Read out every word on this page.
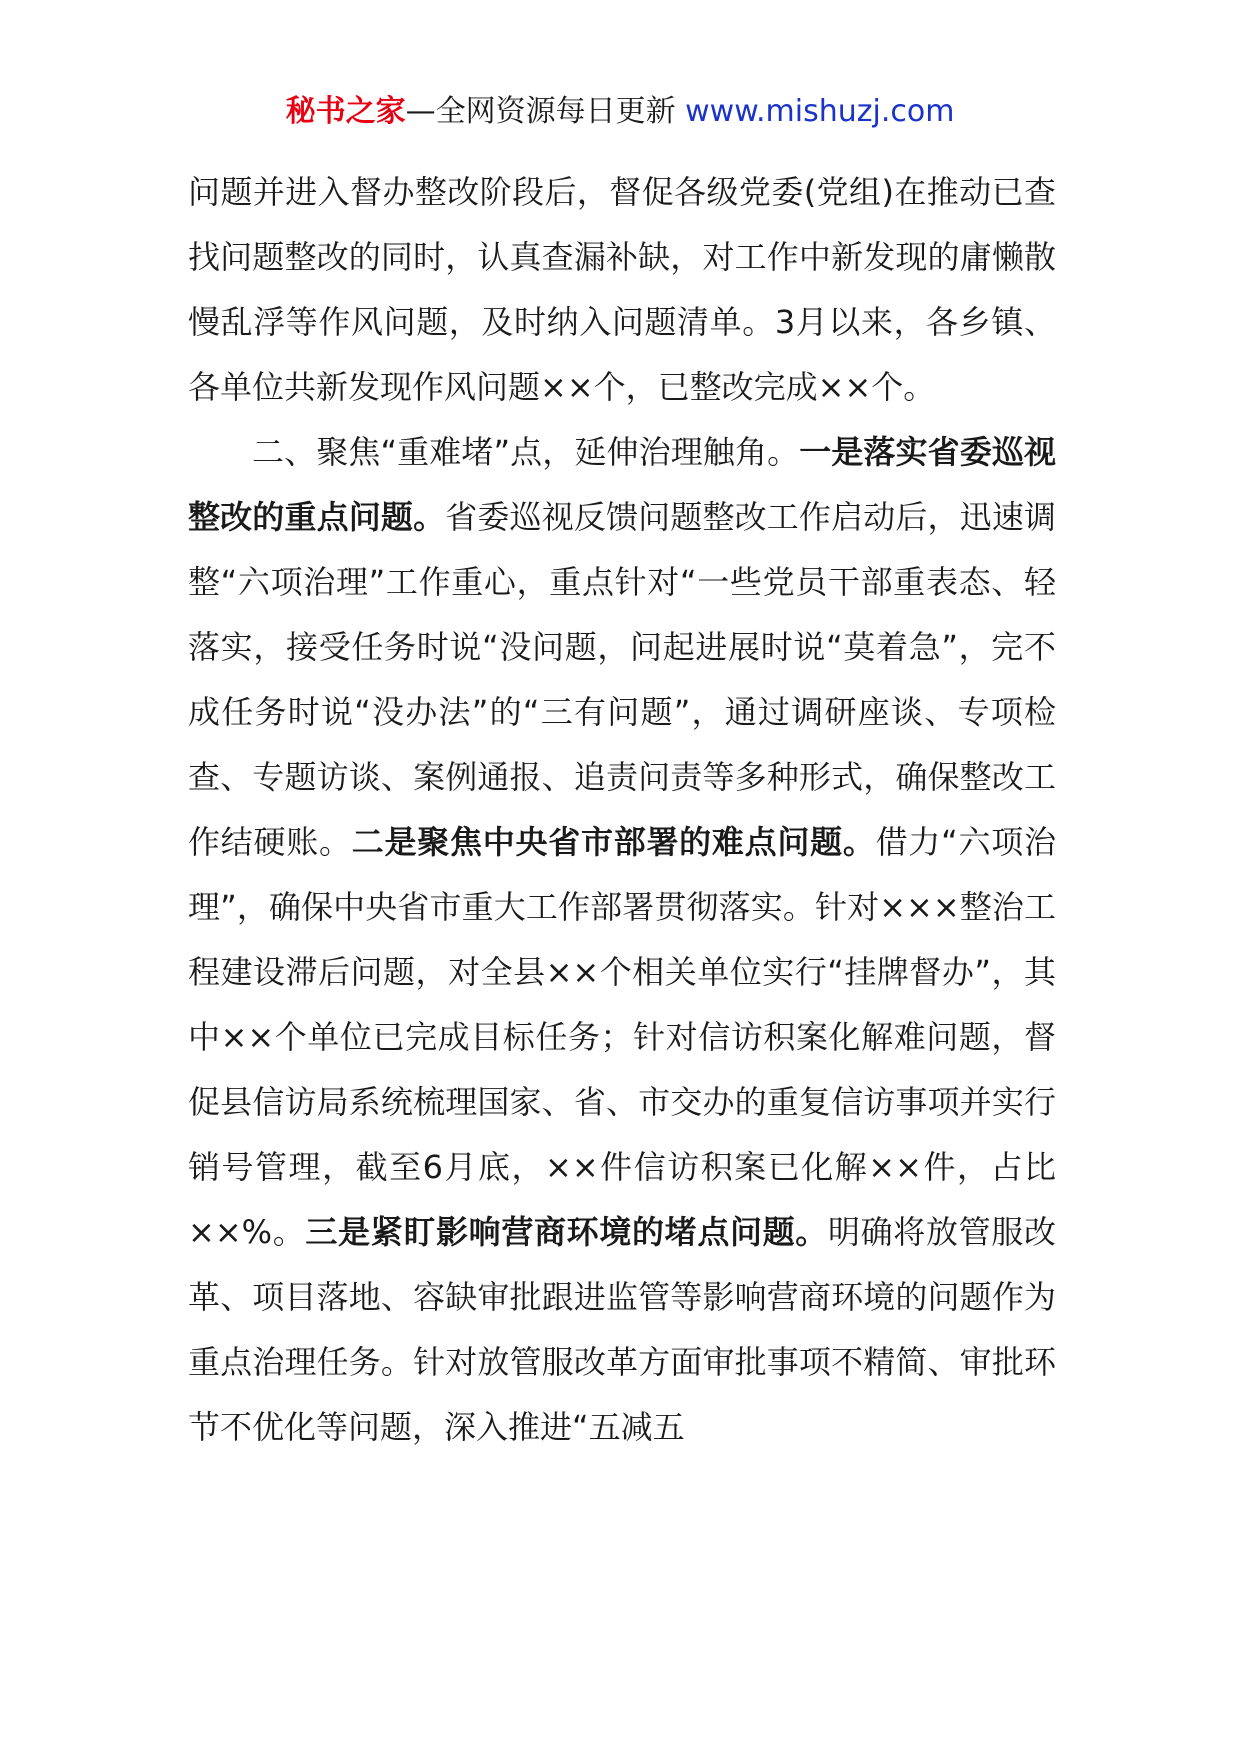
秘书之家—全网资源每日更新 www.mishuzj.com

问题并进入督办整改阶段后，督促各级党委(党组)在推动已查找问题整改的同时，认真查漏补缺，对工作中新发现的庸懒散慢乱浮等作风问题，及时纳入问题清单。3月以来，各乡镇、各单位共新发现作风问题××个，已整改完成××个。

二、聚焦“重难堵”点，延伸治理触角。一是落实省委巡视整改的重点问题。省委巡视反馈问题整改工作启动后，迅速调整“六项治理”工作重心，重点针对“一些党员干部重表态、轻落实，接受任务时说“没问题，问起进展时说“莫着急”，完不成任务时说“没办法”的“三有问题”，通过调研座谈、专项检查、专题访谈、案例通报、追责问责等多种形式，确保整改工作结硬账。二是聚焦中央省市部署的难点问题。借力“六项治理”，确保中央省市重大工作部署贯彻落实。针对×××整治工程建设滞后问题，对全县××个相关单位实行“挂牌督办”，其中××个单位已完成目标任务；针对信访积案化解难问题，督促县信访局系统梳理国家、省、市交办的重复信访事项并实行销号管理，截至6月底，××件信访积案已化解××件，占比××%。三是紧盯影响营商环境的堵点问题。明确将放管服改革、项目落地、容缺审批跟进监管等影响营商环境的问题作为重点治理任务。针对放管服改革方面审批事项不精简、审批环节不优化等问题，深入推进“五减五
